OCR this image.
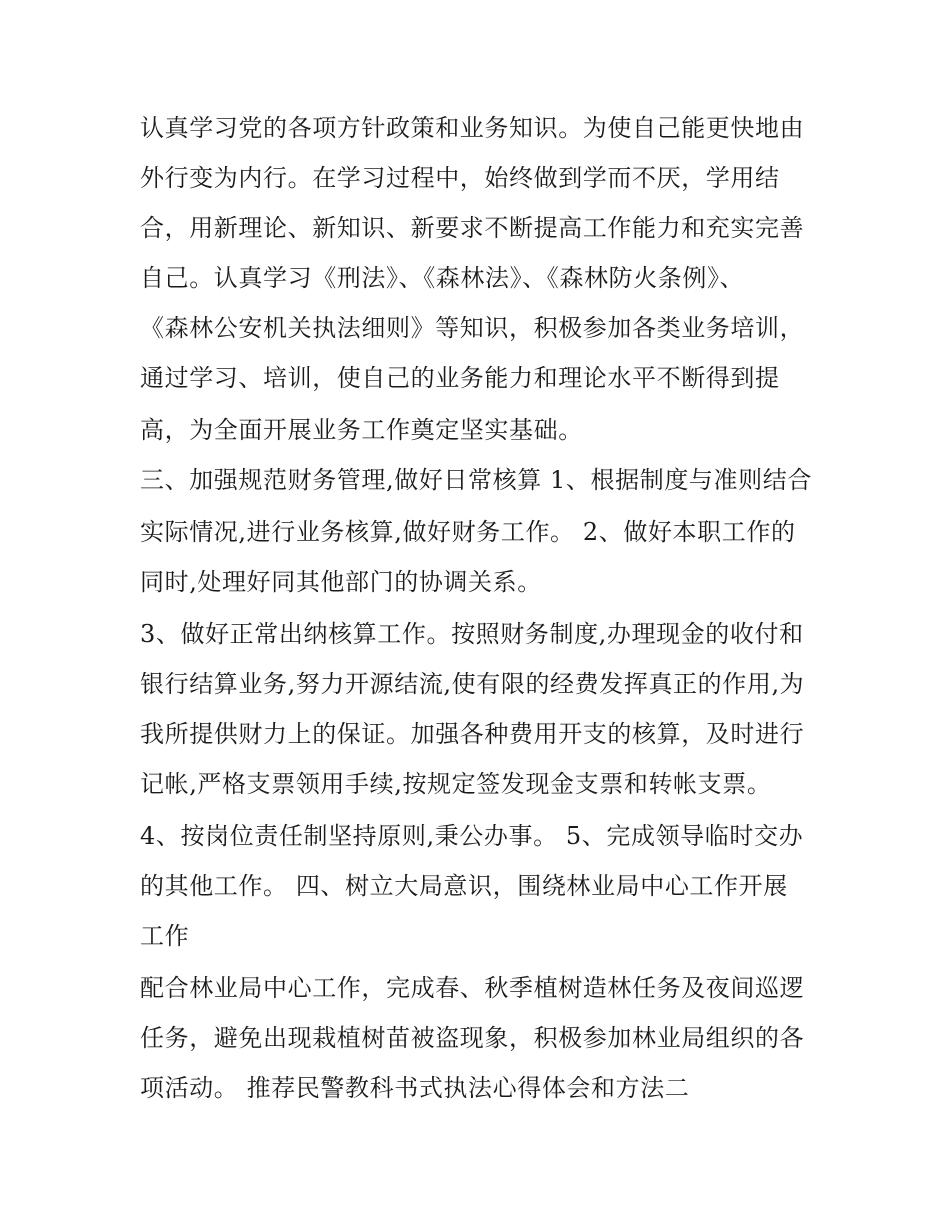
认真学习党的各项方针政策和业务知识。为使自己能更快地由
外行变为内行。在学习过程中，始终做到学而不厌，学用结
合，用新理论、新知识、新要求不断提高工作能力和充实完善
自己。认真学习《刑法》、《森林法》、《森林防火条例》、
《森林公安机关执法细则》等知识，积极参加各类业务培训，
通过学习、培训，使自己的业务能力和理论水平不断得到提
高，为全面开展业务工作奠定坚实基础。
三、加强规范财务管理,做好日常核算 1、根据制度与准则结合
实际情况,进行业务核算,做好财务工作。 2、做好本职工作的
同时,处理好同其他部门的协调关系。
3、做好正常出纳核算工作。按照财务制度,办理现金的收付和
银行结算业务,努力开源结流,使有限的经费发挥真正的作用,为
我所提供财力上的保证。加强各种费用开支的核算，及时进行
记帐,严格支票领用手续,按规定签发现金支票和转帐支票。
4、按岗位责任制坚持原则,秉公办事。 5、完成领导临时交办
的其他工作。 四、树立大局意识，围绕林业局中心工作开展
工作
配合林业局中心工作，完成春、秋季植树造林任务及夜间巡逻
任务，避免出现栽植树苗被盗现象，积极参加林业局组织的各
项活动。 推荐民警教科书式执法心得体会和方法二
